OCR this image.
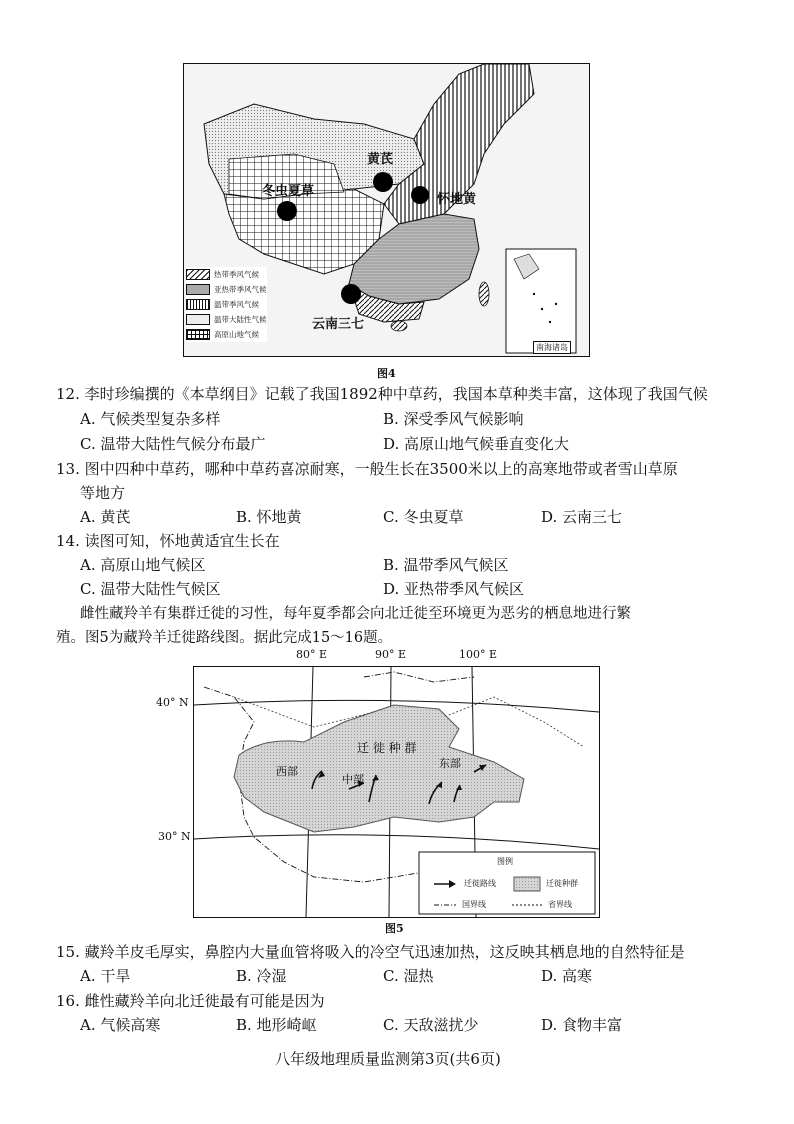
黄芪
怀地黄
冬虫夏草
云南三七
南海诸岛
热带季风气候
亚热带季风气候
温带季风气候
温带大陆性气候
高原山地气候
图4
12. 李时珍编撰的《本草纲目》记载了我国1892种中草药，我国本草种类丰富，这体现了我国气候
A. 气候类型复杂多样	B. 深受季风气候影响
C. 温带大陆性气候分布最广	D. 高原山地气候垂直变化大
13. 图中四种中草药，哪种中草药喜凉耐寒，一般生长在3500米以上的高寒地带或者雪山草原
等地方
A. 黄芪	B. 怀地黄	C. 冬虫夏草	D. 云南三七
14. 读图可知，怀地黄适宜生长在
A. 高原山地气候区	B. 温带季风气候区
C. 温带大陆性气候区	D. 亚热带季风气候区
雌性藏羚羊有集群迁徙的习性，每年夏季都会向北迁徙至环境更为恶劣的栖息地进行繁
殖。图5为藏羚羊迁徙路线图。据此完成15～16题。
80° E	90° E	100° E
40° N
30° N
迁 徙 种 群
西部
中部
东部
图例
迁徙路线	迁徙种群
国界线	省界线
图5
15. 藏羚羊皮毛厚实，鼻腔内大量血管将吸入的冷空气迅速加热，这反映其栖息地的自然特征是
A. 干旱	B. 冷湿	C. 湿热	D. 高寒
16. 雌性藏羚羊向北迁徙最有可能是因为
A. 气候高寒	B. 地形崎岖	C. 天敌滋扰少	D. 食物丰富
八年级地理质量监测第3页(共6页)
